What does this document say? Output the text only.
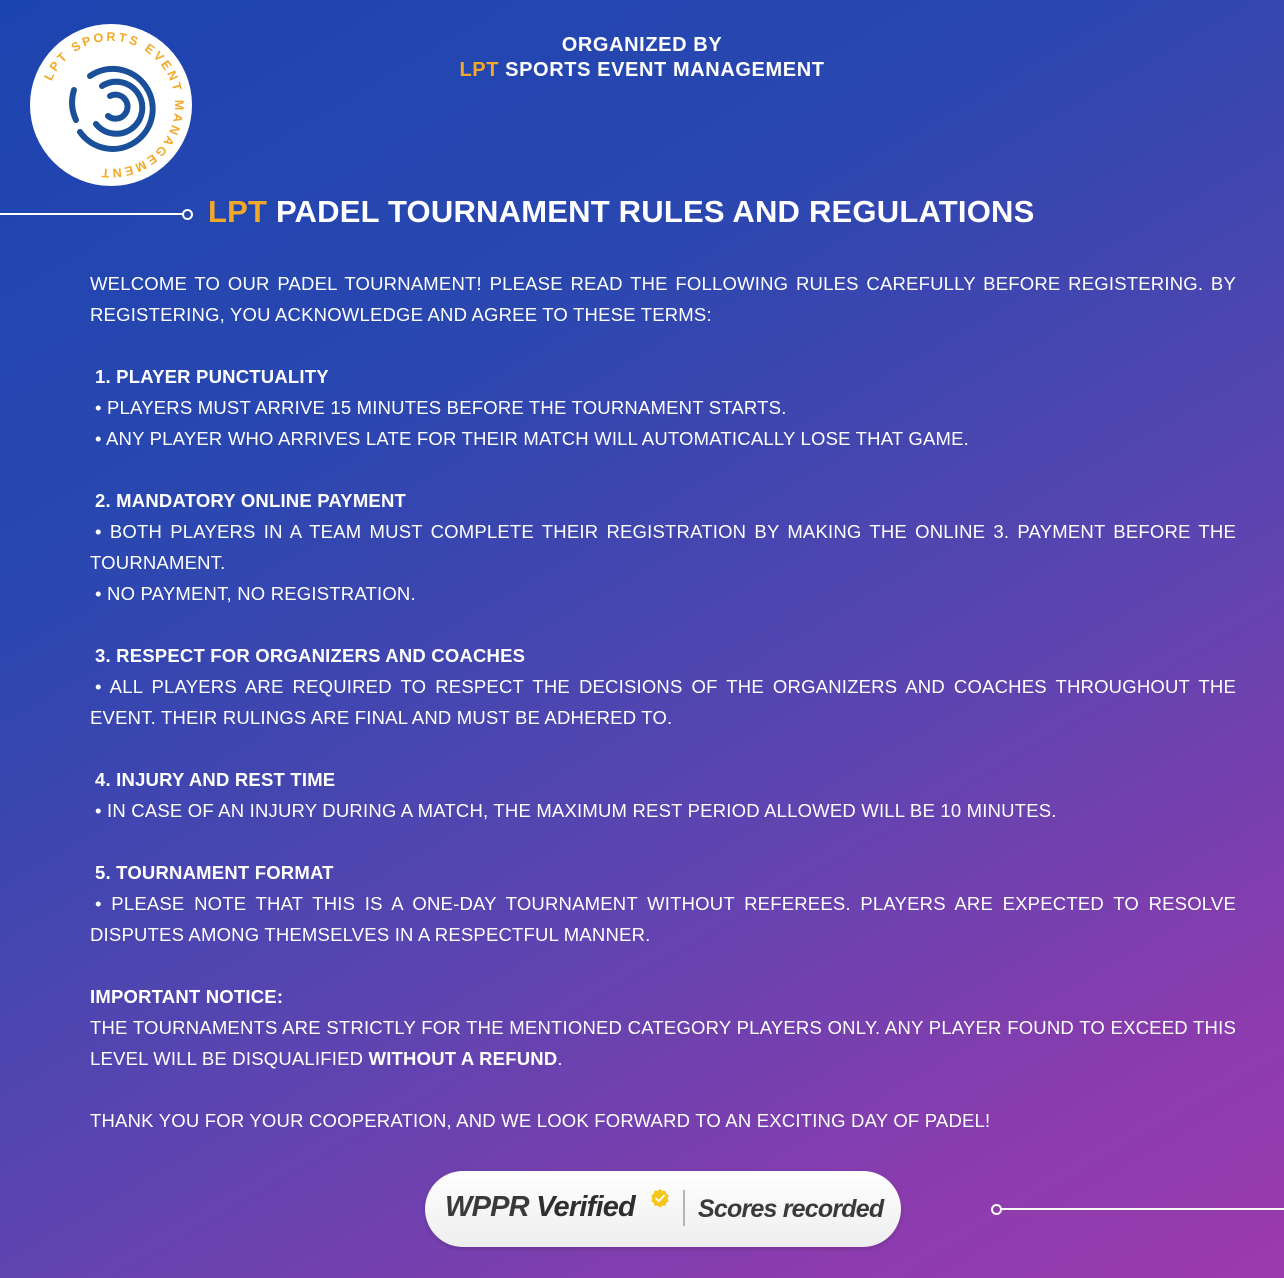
LPT SPORTS EVENT MANAGEMENT
ORGANIZED BY
LPT SPORTS EVENT MANAGEMENT
LPT PADEL TOURNAMENT RULES AND REGULATIONS

WELCOME TO OUR PADEL TOURNAMENT! PLEASE READ THE FOLLOWING RULES CAREFULLY BEFORE REGISTERING. BY REGISTERING, YOU ACKNOWLEDGE AND AGREE TO THESE TERMS:

1. PLAYER PUNCTUALITY

• PLAYERS MUST ARRIVE 15 MINUTES BEFORE THE TOURNAMENT STARTS.

• ANY PLAYER WHO ARRIVES LATE FOR THEIR MATCH WILL AUTOMATICALLY LOSE THAT GAME.

2. MANDATORY ONLINE PAYMENT

• BOTH PLAYERS IN A TEAM MUST COMPLETE THEIR REGISTRATION BY MAKING THE ONLINE 3. PAYMENT BEFORE THE TOURNAMENT.

• NO PAYMENT, NO REGISTRATION.

3. RESPECT FOR ORGANIZERS AND COACHES

• ALL PLAYERS ARE REQUIRED TO RESPECT THE DECISIONS OF THE ORGANIZERS AND COACHES THROUGHOUT THE EVENT. THEIR RULINGS ARE FINAL AND MUST BE ADHERED TO.

4. INJURY AND REST TIME

• IN CASE OF AN INJURY DURING A MATCH, THE MAXIMUM REST PERIOD ALLOWED WILL BE 10 MINUTES.

5. TOURNAMENT FORMAT

• PLEASE NOTE THAT THIS IS A ONE-DAY TOURNAMENT WITHOUT REFEREES. PLAYERS ARE EXPECTED TO RESOLVE DISPUTES AMONG THEMSELVES IN A RESPECTFUL MANNER.

IMPORTANT NOTICE:

THE TOURNAMENTS ARE STRICTLY FOR THE MENTIONED CATEGORY PLAYERS ONLY. ANY PLAYER FOUND TO EXCEED THIS LEVEL WILL BE DISQUALIFIED WITHOUT A REFUND.

THANK YOU FOR YOUR COOPERATION, AND WE LOOK FORWARD TO AN EXCITING DAY OF PADEL!

WPPR Verified	Scores recorded
